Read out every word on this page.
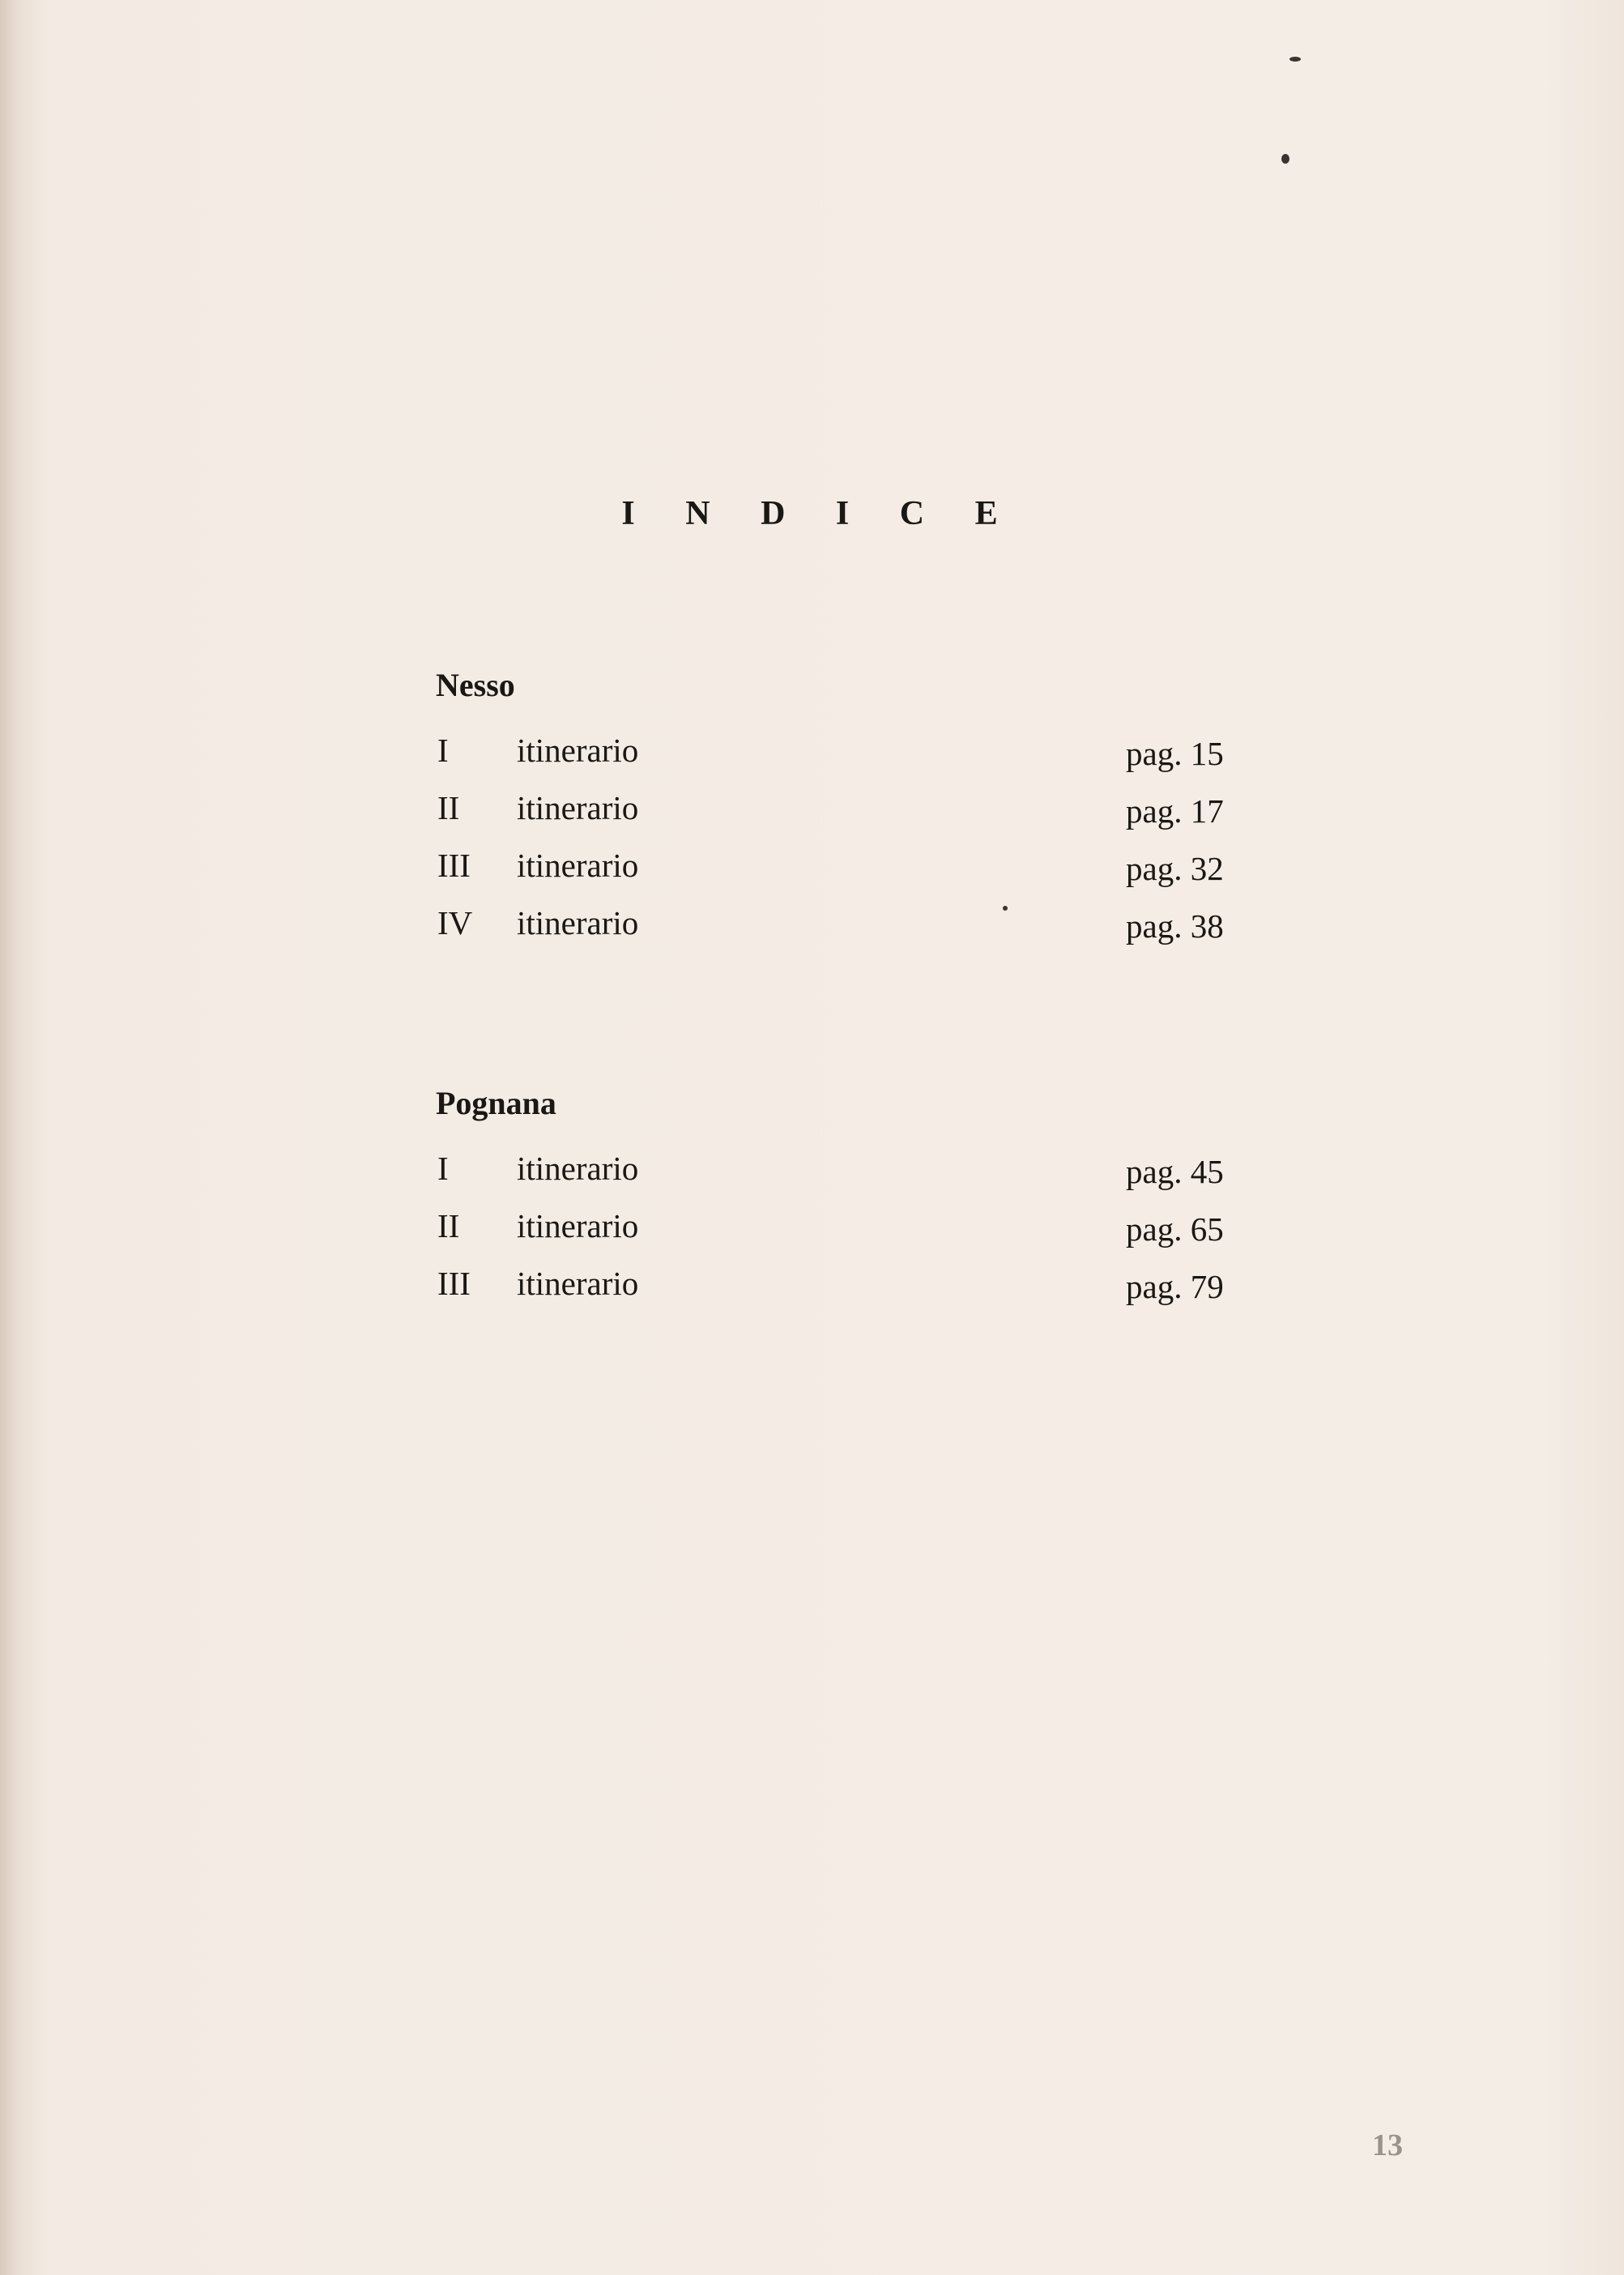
I N D I C E
Nesso
I itinerario	pag. 15
II itinerario	pag. 17
III itinerario	pag. 32
IV itinerario	pag. 38
Pognana
I itinerario	pag. 45
II itinerario	pag. 65
III itinerario	pag. 79
13
